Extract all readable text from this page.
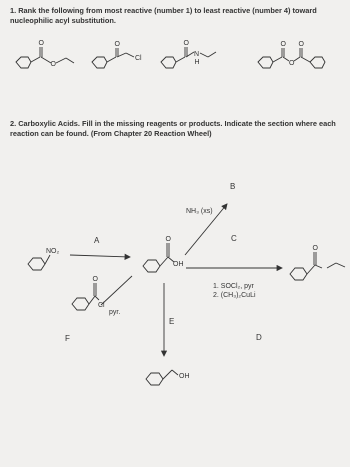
1. Rank the following from most reactive (number 1) to least reactive (number 4) toward nucleophilic acyl substitution.
2. Carboxylic Acids. Fill in the missing reagents or products. Indicate the section where each reaction can be found. (From Chapter 20 Reaction Wheel)
O
O
O
Cl
O
N
H
O
O
O
O
OH
NH₃ (xs)
A
B
C
D
E
F
1. SOCl₂, pyr
2. (CH₃)₂CuLi
pyr.
NO₂
O
Cl
OH
O
